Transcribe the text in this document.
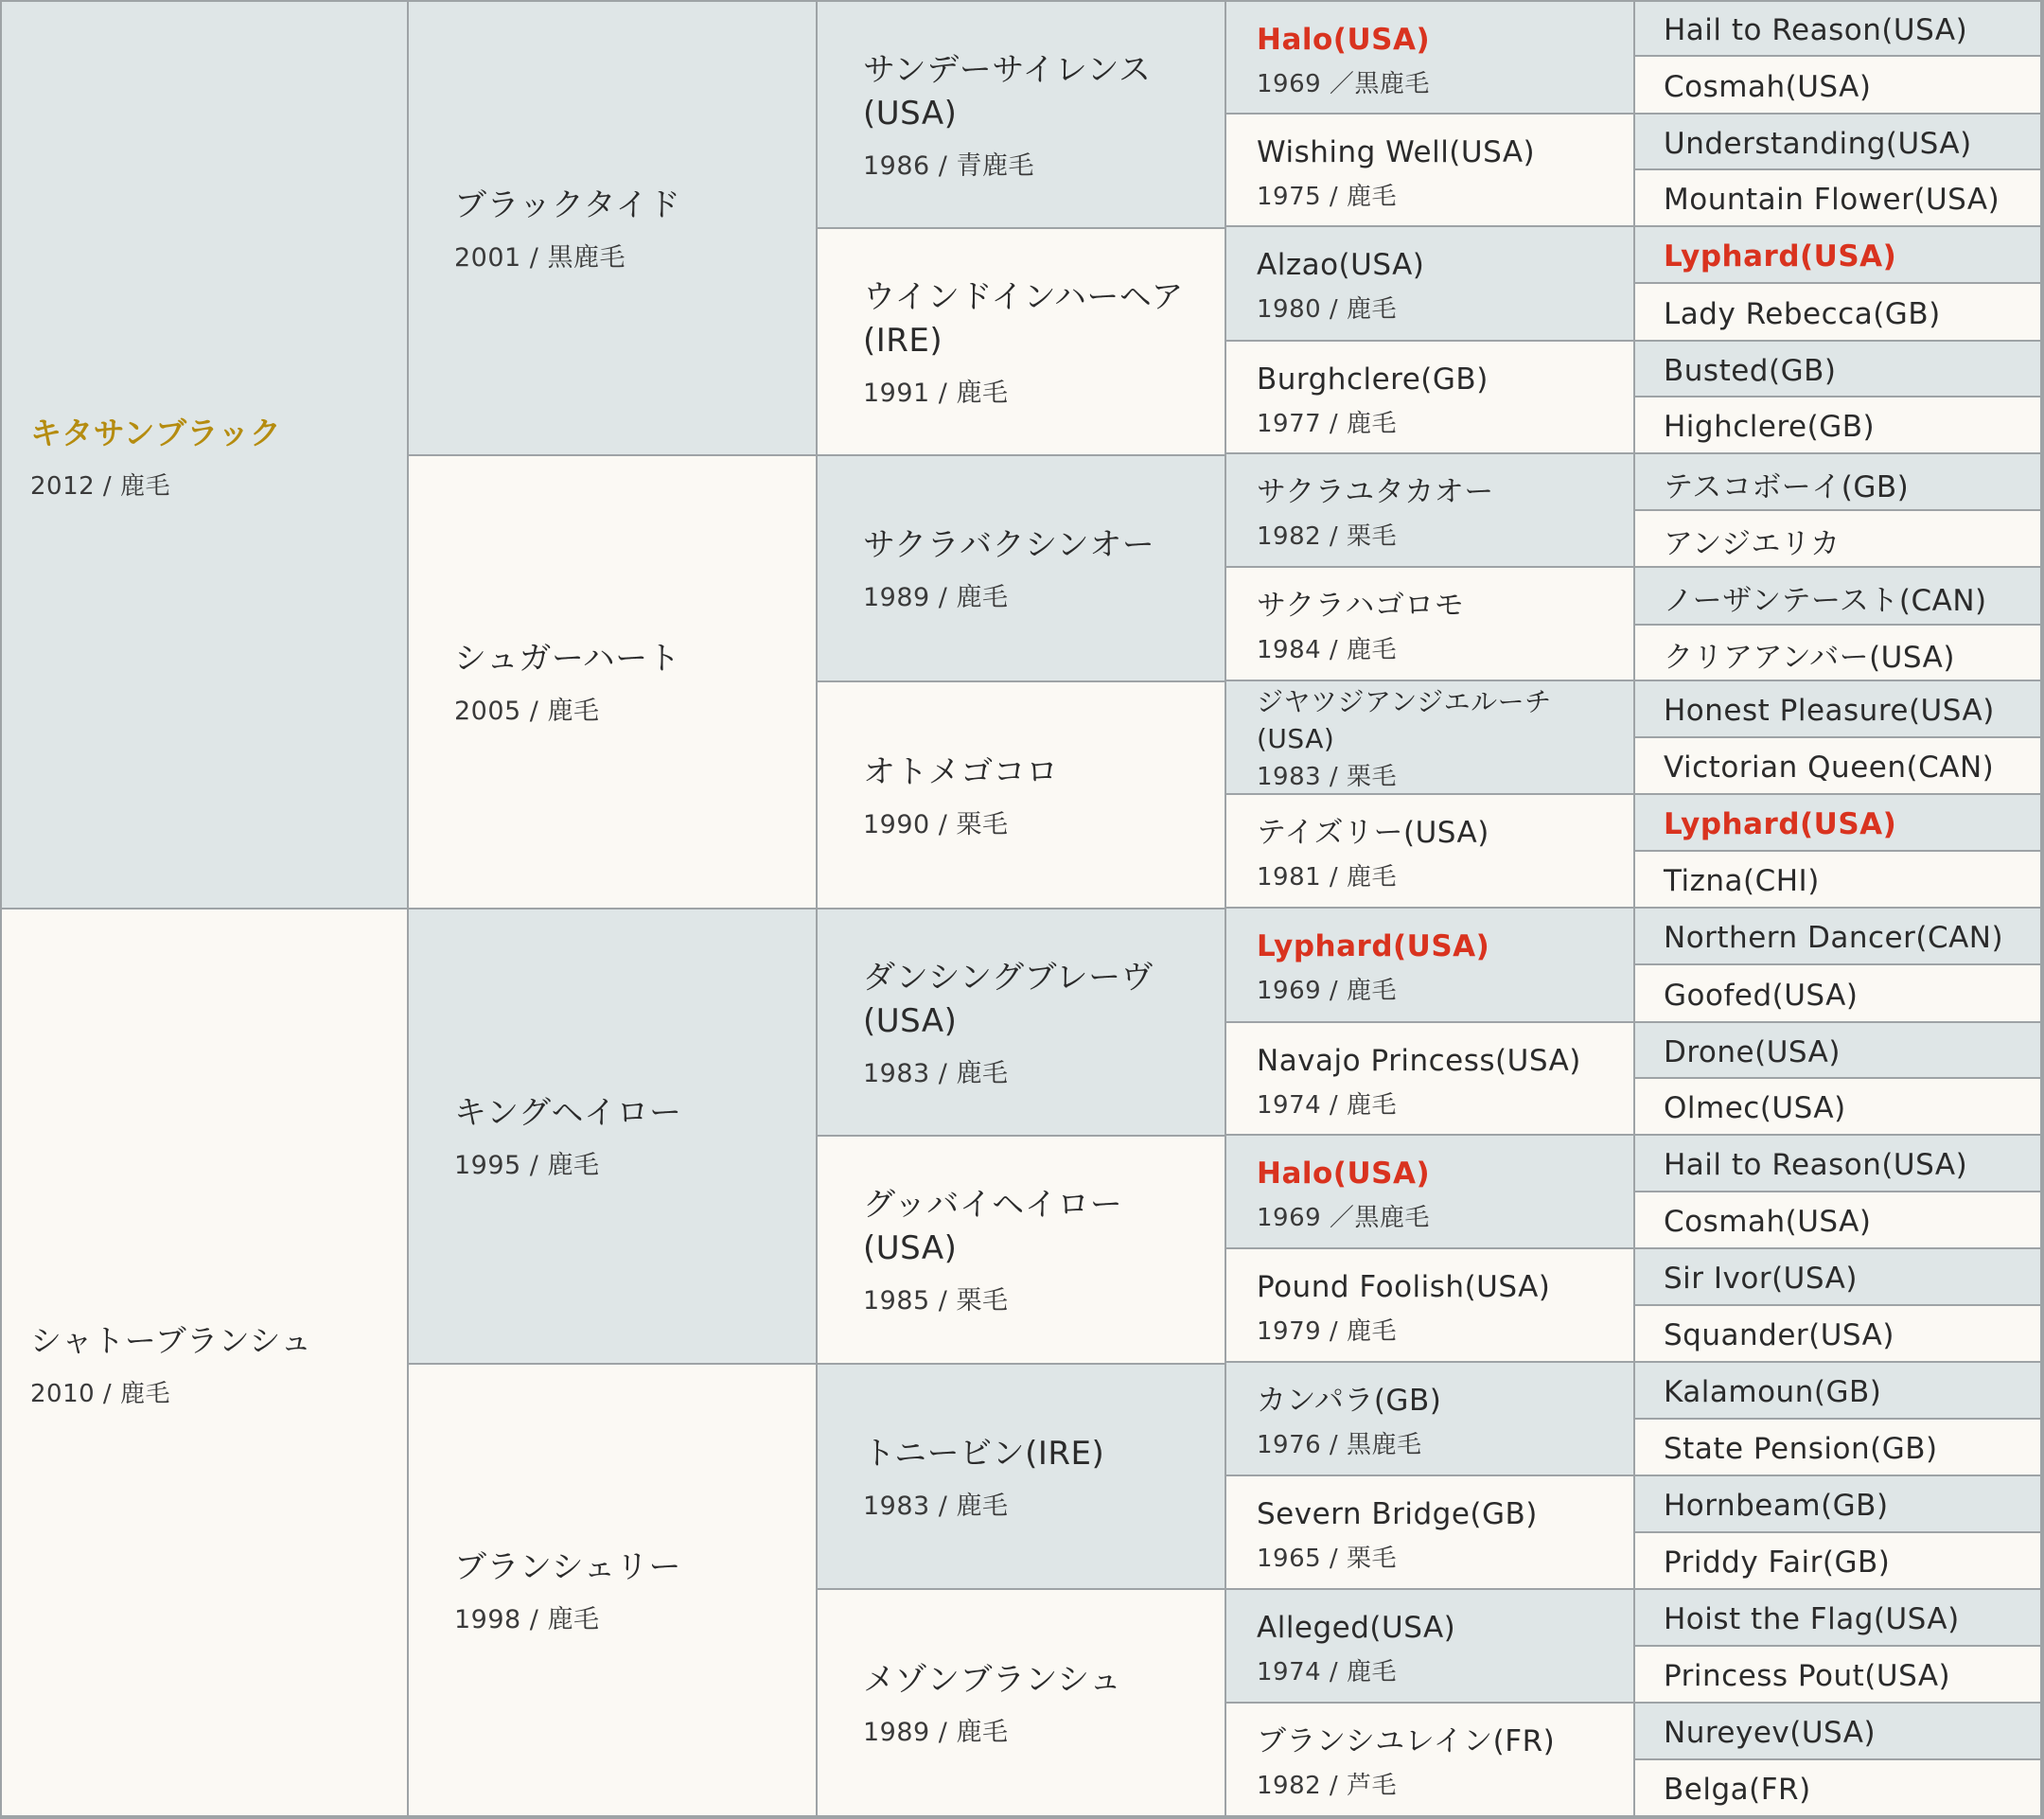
キタサンブラック
2012 / 鹿毛
シャトーブランシュ
2010 / 鹿毛
ブラックタイド
2001 / 黒鹿毛
シュガーハート
2005 / 鹿毛
キングヘイロー
1995 / 鹿毛
ブランシェリー
1998 / 鹿毛
サンデーサイレンス
(USA)
1986 / 青鹿毛
ウインドインハーヘア
(IRE)
1991 / 鹿毛
サクラバクシンオー
1989 / 鹿毛
オトメゴコロ
1990 / 栗毛
ダンシングブレーヴ
(USA)
1983 / 鹿毛
グッバイヘイロー
(USA)
1985 / 栗毛
トニービン(IRE)
1983 / 鹿毛
メゾンブランシュ
1989 / 鹿毛
Halo(USA)
1969 ／黒鹿毛
Wishing Well(USA)
1975 / 鹿毛
Alzao(USA)
1980 / 鹿毛
Burghclere(GB)
1977 / 鹿毛
サクラユタカオー
1982 / 栗毛
サクラハゴロモ
1984 / 鹿毛
ジヤツジアンジエルーチ
(USA)
1983 / 栗毛
テイズリー(USA)
1981 / 鹿毛
Lyphard(USA)
1969 / 鹿毛
Navajo Princess(USA)
1974 / 鹿毛
Halo(USA)
1969 ／黒鹿毛
Pound Foolish(USA)
1979 / 鹿毛
カンパラ(GB)
1976 / 黒鹿毛
Severn Bridge(GB)
1965 / 栗毛
Alleged(USA)
1974 / 鹿毛
ブランシユレイン(FR)
1982 / 芦毛
Hail to Reason(USA)
Cosmah(USA)
Understanding(USA)
Mountain Flower(USA)
Lyphard(USA)
Lady Rebecca(GB)
Busted(GB)
Highclere(GB)
テスコボーイ(GB)
アンジエリカ
ノーザンテースト(CAN)
クリアアンバー(USA)
Honest Pleasure(USA)
Victorian Queen(CAN)
Lyphard(USA)
Tizna(CHI)
Northern Dancer(CAN)
Goofed(USA)
Drone(USA)
Olmec(USA)
Hail to Reason(USA)
Cosmah(USA)
Sir Ivor(USA)
Squander(USA)
Kalamoun(GB)
State Pension(GB)
Hornbeam(GB)
Priddy Fair(GB)
Hoist the Flag(USA)
Princess Pout(USA)
Nureyev(USA)
Belga(FR)
